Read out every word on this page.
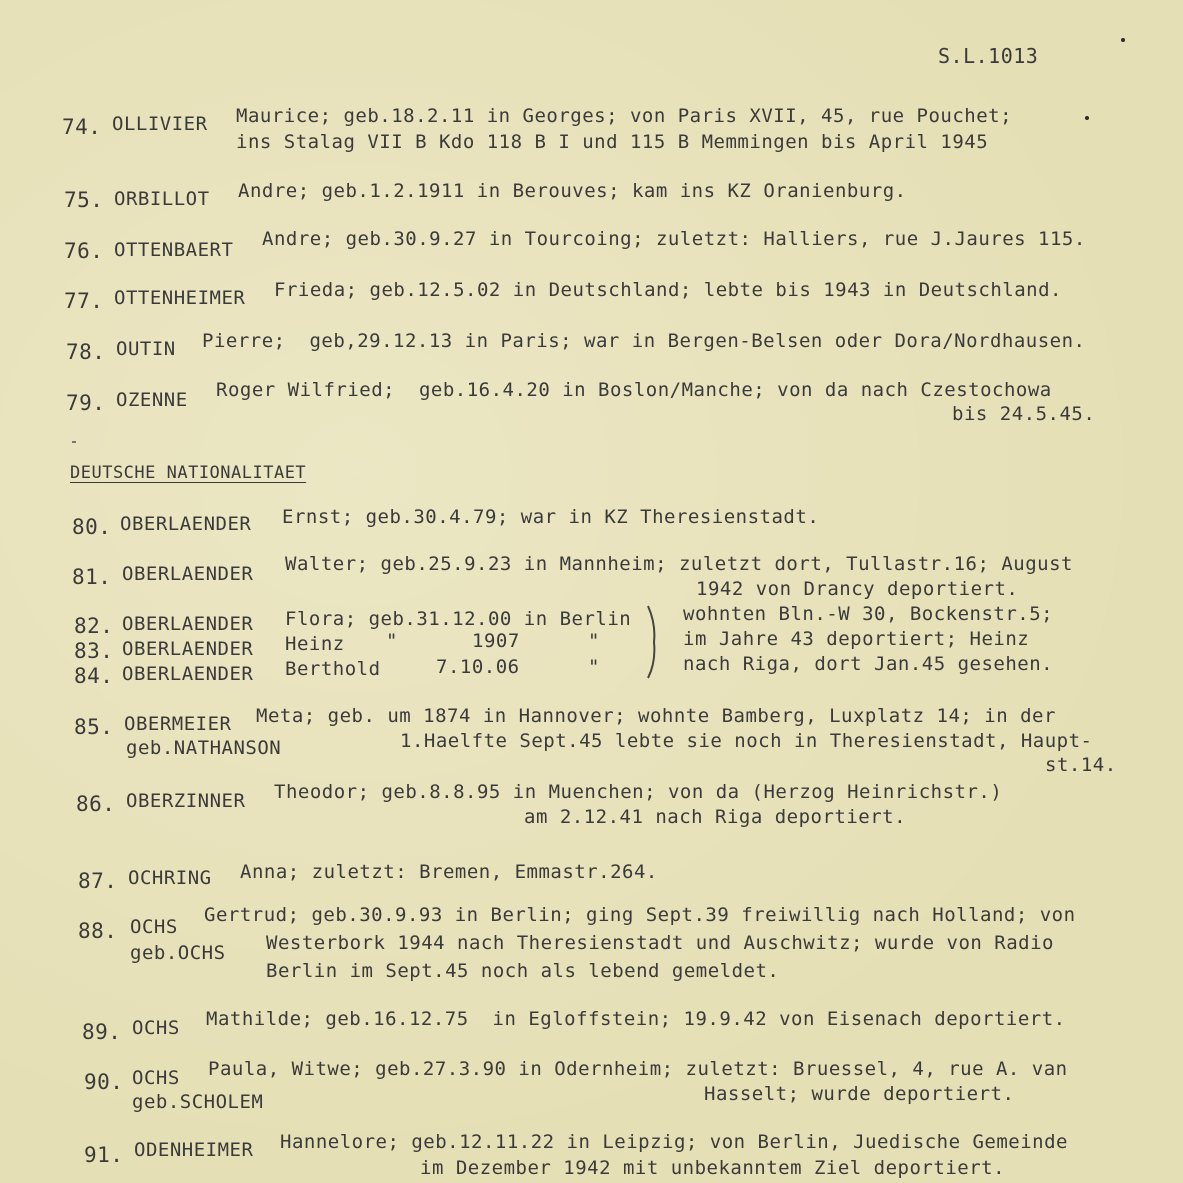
S.L.1013
74. OLLIVIER Maurice; geb.18.2.11 in Georges; von Paris XVII, 45, rue Pouchet;
ins Stalag VII B Kdo 118 B I und 115 B Memmingen bis April 1945
75. ORBILLOT Andre; geb.1.2.1911 in Berouves; kam ins KZ Oranienburg.
76. OTTENBAERT Andre; geb.30.9.27 in Tourcoing; zuletzt: Halliers, rue J.Jaures 115.
77. OTTENHEIMER Frieda; geb.12.5.02 in Deutschland; lebte bis 1943 in Deutschland.
78. OUTIN Pierre;  geb,29.12.13 in Paris; war in Bergen-Belsen oder Dora/Nordhausen.
79. OZENNE Roger Wilfried;  geb.16.4.20 in Boslon/Manche; von da nach Czestochowa
bis 24.5.45.
DEUTSCHE NATIONALITAET
80. OBERLAENDER Ernst; geb.30.4.79; war in KZ Theresienstadt.
81. OBERLAENDER Walter; geb.25.9.23 in Mannheim; zuletzt dort, Tullastr.16; August
1942 von Drancy deportiert.
82. OBERLAENDER Flora; geb.31.12.00 in Berlin
83. OBERLAENDER Heinz "	1907	"
84. OBERLAENDER Berthold	7.10.06	"
wohnten Bln.-W 30, Bockenstr.5;
im Jahre 43 deportiert; Heinz
nach Riga, dort Jan.45 gesehen.
85. OBERMEIER
geb.NATHANSON
Meta; geb. um 1874 in Hannover; wohnte Bamberg, Luxplatz 14; in der
1.Haelfte Sept.45 lebte sie noch in Theresienstadt, Haupt-
st.14.
86. OBERZINNER Theodor; geb.8.8.95 in Muenchen; von da (Herzog Heinrichstr.)
am 2.12.41 nach Riga deportiert.
87. OCHRING Anna; zuletzt: Bremen, Emmastr.264.
88. OCHS
geb.OCHS
Gertrud; geb.30.9.93 in Berlin; ging Sept.39 freiwillig nach Holland; von
Westerbork 1944 nach Theresienstadt und Auschwitz; wurde von Radio
Berlin im Sept.45 noch als lebend gemeldet.
89. OCHS Mathilde; geb.16.12.75  in Egloffstein; 19.9.42 von Eisenach deportiert.
90. OCHS
geb.SCHOLEM
Paula, Witwe; geb.27.3.90 in Odernheim; zuletzt: Bruessel, 4, rue A. van
Hasselt; wurde deportiert.
91. ODENHEIMER Hannelore; geb.12.11.22 in Leipzig; von Berlin, Juedische Gemeinde
im Dezember 1942 mit unbekanntem Ziel deportiert.
